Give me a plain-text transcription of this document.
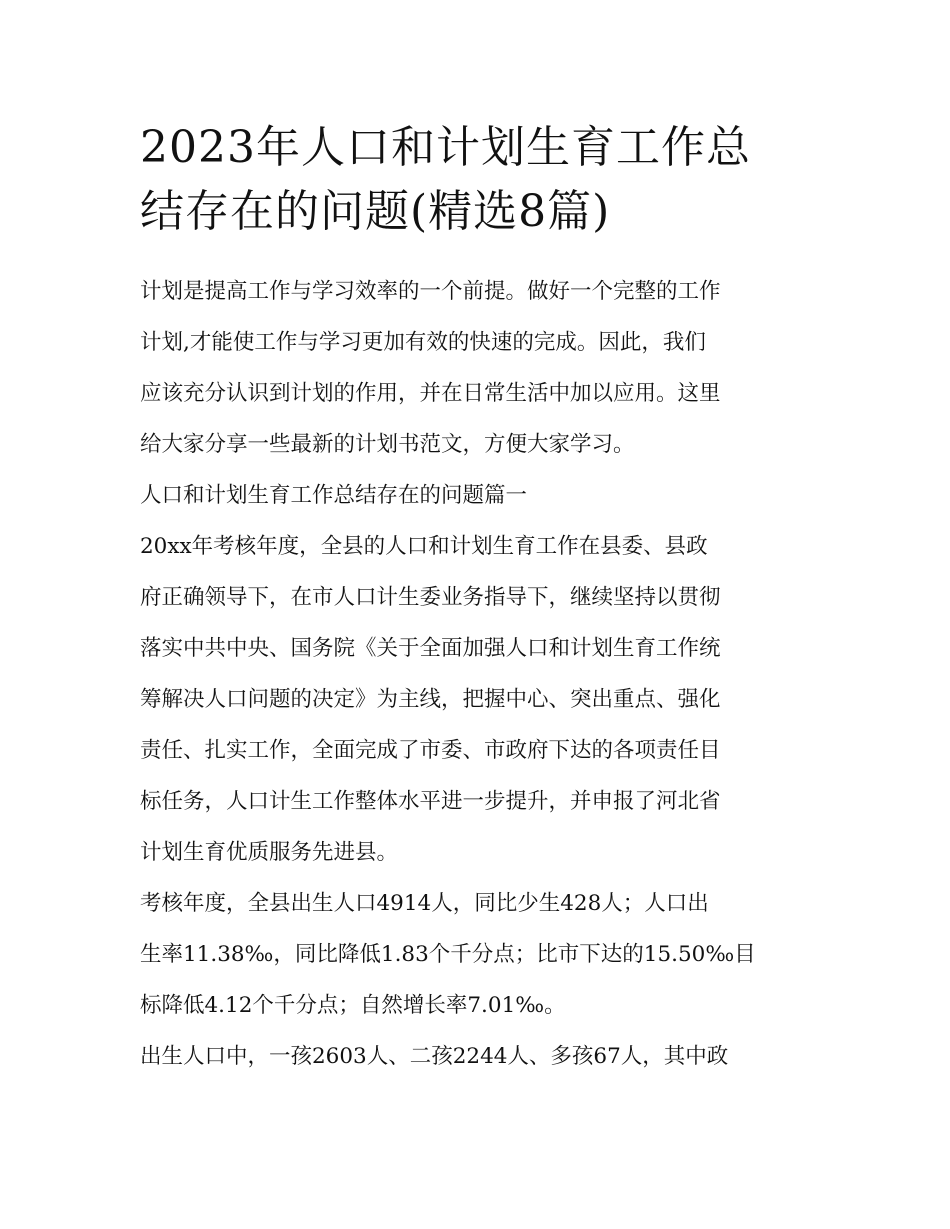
2023年人口和计划生育工作总
结存在的问题(精选8篇)
计划是提高工作与学习效率的一个前提。做好一个完整的工作
计划,才能使工作与学习更加有效的快速的完成。因此，我们
应该充分认识到计划的作用，并在日常生活中加以应用。这里
给大家分享一些最新的计划书范文，方便大家学习。
人口和计划生育工作总结存在的问题篇一
20xx年考核年度，全县的人口和计划生育工作在县委、县政
府正确领导下，在市人口计生委业务指导下，继续坚持以贯彻
落实中共中央、国务院《关于全面加强人口和计划生育工作统
筹解决人口问题的决定》为主线，把握中心、突出重点、强化
责任、扎实工作，全面完成了市委、市政府下达的各项责任目
标任务，人口计生工作整体水平进一步提升，并申报了河北省
计划生育优质服务先进县。
考核年度，全县出生人口4914人，同比少生428人；人口出
生率11.38‰，同比降低1.83个千分点；比市下达的15.50‰目
标降低4.12个千分点；自然增长率7.01‰。
出生人口中，一孩2603人、二孩2244人、多孩67人，其中政
